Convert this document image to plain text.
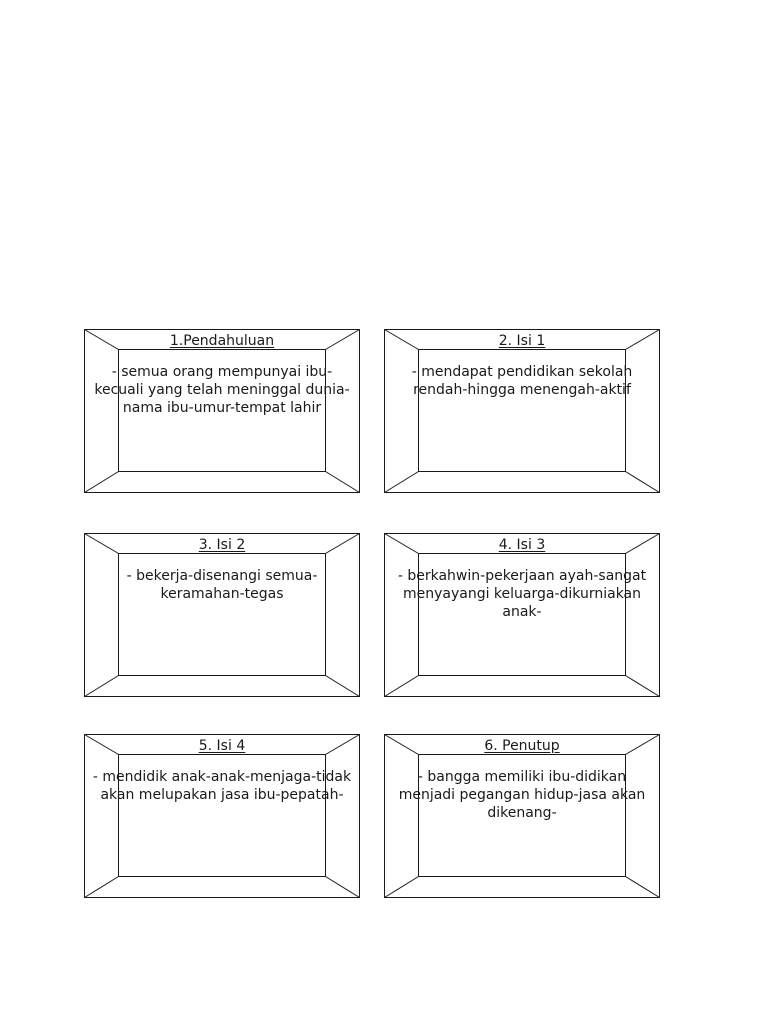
1.Pendahuluan
- semua orang mempunyai ibu-kecuali yang telah meninggal dunia-nama ibu-umur-tempat lahir
2. Isi 1
- mendapat pendidikan sekolah rendah-hingga menengah-aktif
3. Isi 2
- bekerja-disenangi semua-keramahan-tegas
4. Isi 3
- berkahwin-pekerjaan ayah-sangat menyayangi keluarga-dikurniakan anak-
5. Isi 4
- mendidik anak-anak-menjaga-tidak akan melupakan jasa ibu-pepatah-
6. Penutup
- bangga memiliki ibu-didikan menjadi pegangan hidup-jasa akan dikenang-
